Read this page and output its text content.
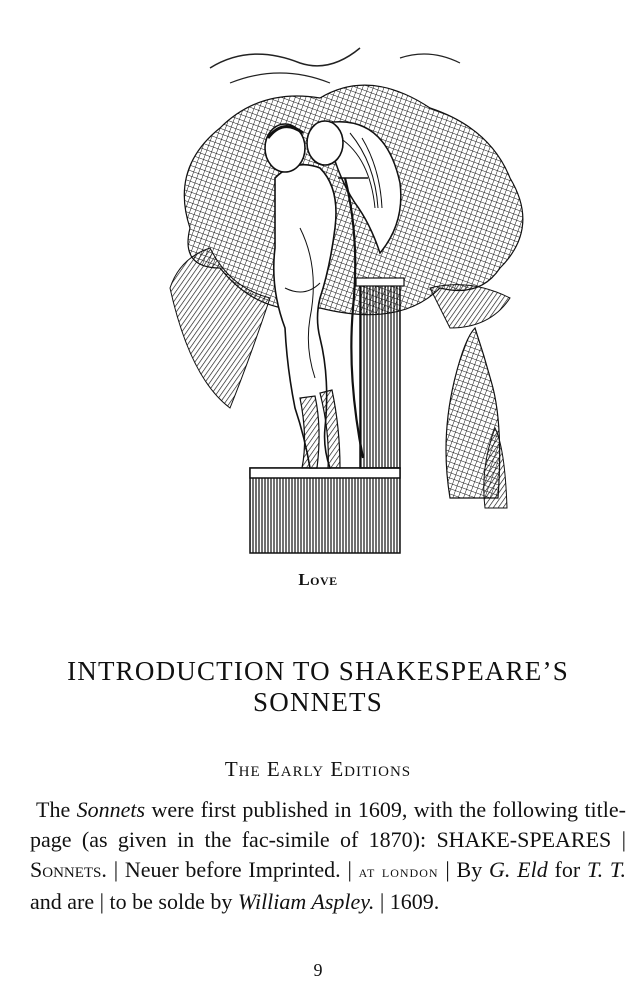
Love
INTRODUCTION TO SHAKESPEARE’S
SONNETS
The Early Editions

The Sonnets were first published in 1609, with the following title-page (as given in the fac-simile of 1870): SHAKE-SPEARES | Sonnets. | Neuer before Imprinted. | at london | By G. Eld for T. T. and are | to be solde by William Aspley. | 1609.

9
